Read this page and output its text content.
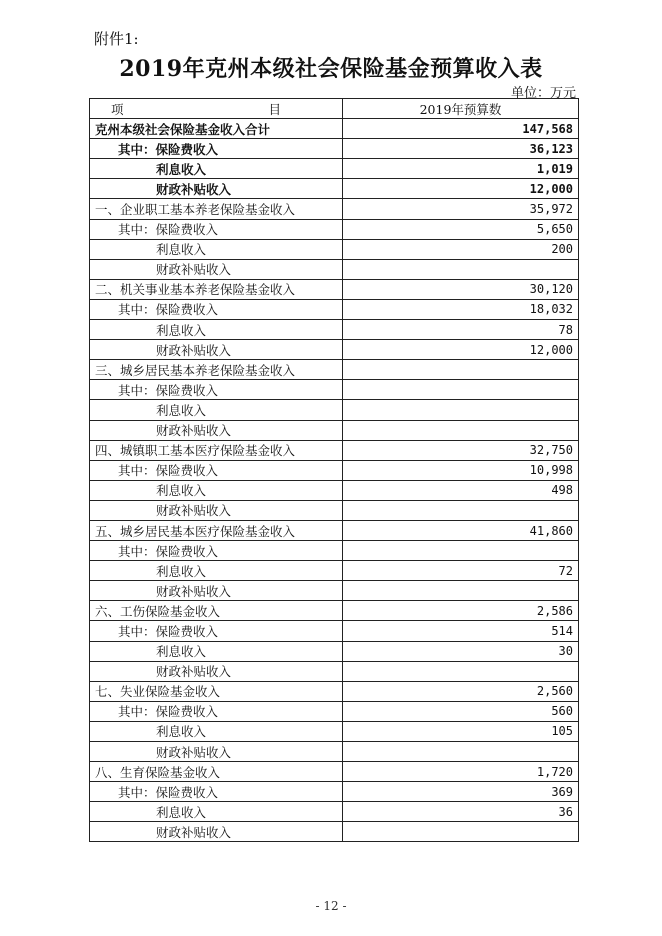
附件1:
2019年克州本级社会保险基金预算收入表
单位：万元
项　　目	2019年预算数
克州本级社会保险基金收入合计	147,568
其中：保险费收入	36,123
利息收入	1,019
财政补贴收入	12,000
一、企业职工基本养老保险基金收入	35,972
其中：保险费收入	5,650
利息收入	200
财政补贴收入	
二、机关事业基本养老保险基金收入	30,120
其中：保险费收入	18,032
利息收入	78
财政补贴收入	12,000
三、城乡居民基本养老保险基金收入	
其中：保险费收入	
利息收入	
财政补贴收入	
四、城镇职工基本医疗保险基金收入	32,750
其中：保险费收入	10,998
利息收入	498
财政补贴收入	
五、城乡居民基本医疗保险基金收入	41,860
其中：保险费收入	
利息收入	72
财政补贴收入	
六、工伤保险基金收入	2,586
其中：保险费收入	514
利息收入	30
财政补贴收入	
七、失业保险基金收入	2,560
其中：保险费收入	560
利息收入	105
财政补贴收入	
八、生育保险基金收入	1,720
其中：保险费收入	369
利息收入	36
财政补贴收入	
- 12 -
